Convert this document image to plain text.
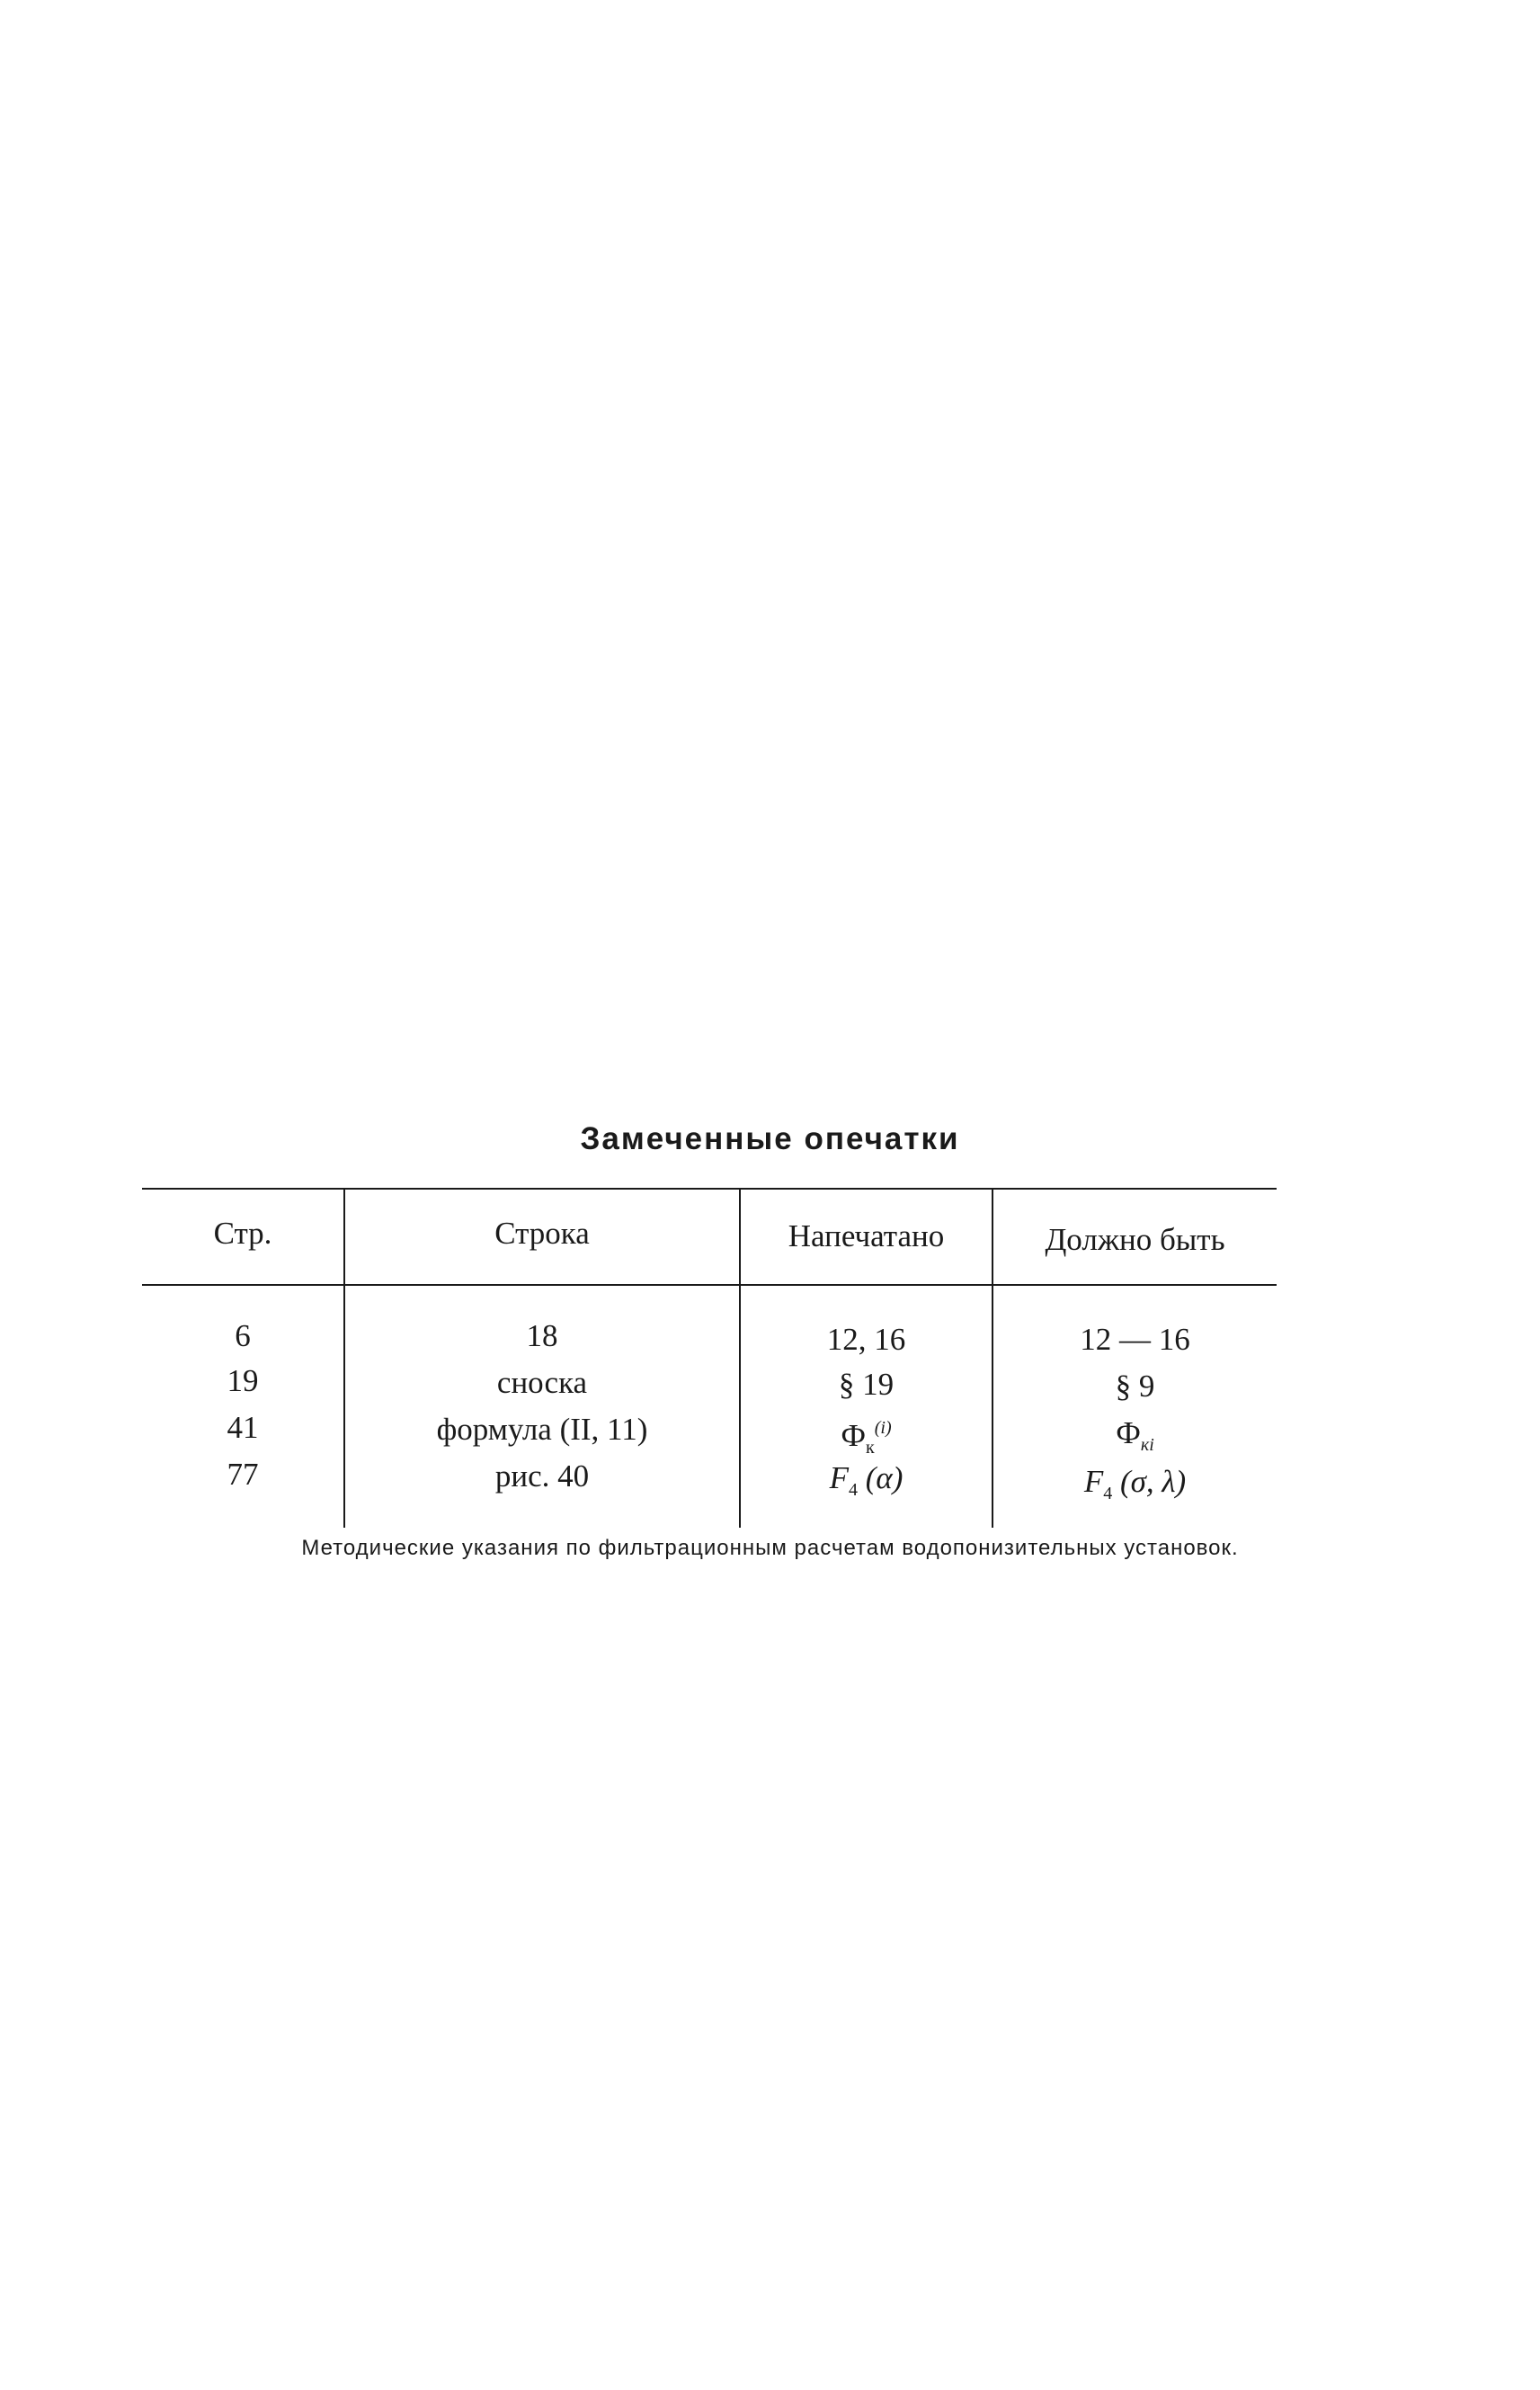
Замеченные опечатки
Стр.	Строка	Напечатано	Должно быть
6	18	12, 16	12 — 16
19	сноска	§ 19	§ 9
41	формула (II, 11)	$Ф_к^{(i)}$	$Ф_{кi}$
77	рис. 40	$F_4$ (α)	$F_4$ (σ, λ)
Методические указания по фильтрационным расчетам водопонизительных установок.
